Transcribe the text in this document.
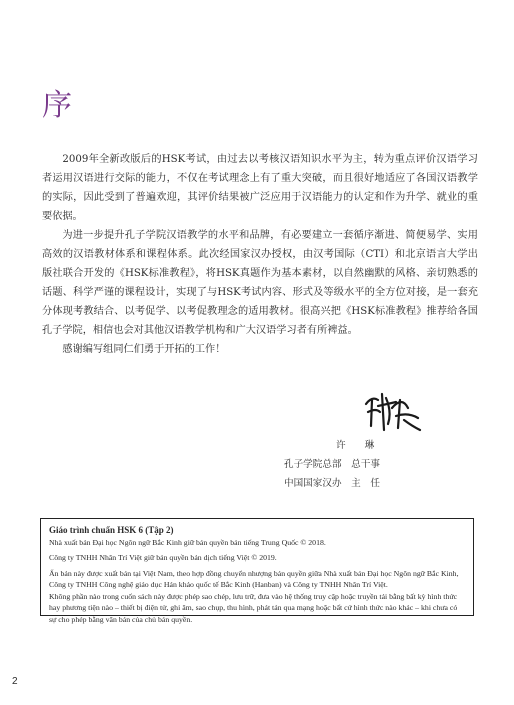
序

2009年全新改版后的HSK考试，由过去以考核汉语知识水平为主，转为重点评价汉语学习者运用汉语进行交际的能力，不仅在考试理念上有了重大突破，而且很好地适应了各国汉语教学的实际，因此受到了普遍欢迎，其评价结果被广泛应用于汉语能力的认定和作为升学、就业的重要依据。

为进一步提升孔子学院汉语教学的水平和品牌，有必要建立一套循序渐进、简便易学、实用高效的汉语教材体系和课程体系。此次经国家汉办授权，由汉考国际（CTI）和北京语言大学出版社联合开发的《HSK标准教程》，将HSK真题作为基本素材，以自然幽默的风格、亲切熟悉的话题、科学严谨的课程设计，实现了与HSK考试内容、形式及等级水平的全方位对接，是一套充分体现考教结合、以考促学、以考促教理念的适用教材。很高兴把《HSK标准教程》推荐给各国孔子学院，相信也会对其他汉语教学机构和广大汉语学习者有所裨益。

感谢编写组同仁们勇于开拓的工作！

许 琳
孔子学院总部　总干事
中国国家汉办　主　任

Giáo trình chuẩn HSK 6 (Tập 2)

Nhà xuất bản Đại học Ngôn ngữ Bắc Kinh giữ bản quyền bản tiếng Trung Quốc © 2018.

Công ty TNHH Nhân Trí Việt giữ bản quyền bản dịch tiếng Việt © 2019.

Ấn bản này được xuất bản tại Việt Nam, theo hợp đồng chuyển nhượng bản quyền giữa Nhà xuất bản Đại học Ngôn ngữ Bắc Kinh, Công ty TNHH Công nghệ giáo dục Hán khảo quốc tế Bắc Kinh (Hanban) và Công ty TNHH Nhân Trí Việt.

Không phần nào trong cuốn sách này được phép sao chép, lưu trữ, đưa vào hệ thống truy cập hoặc truyền tải bằng bất kỳ hình thức hay phương tiện nào – thiết bị điện tử, ghi âm, sao chụp, thu hình, phát tán qua mạng hoặc bất cứ hình thức nào khác – khi chưa có sự cho phép bằng văn bản của chủ bản quyền.

2
